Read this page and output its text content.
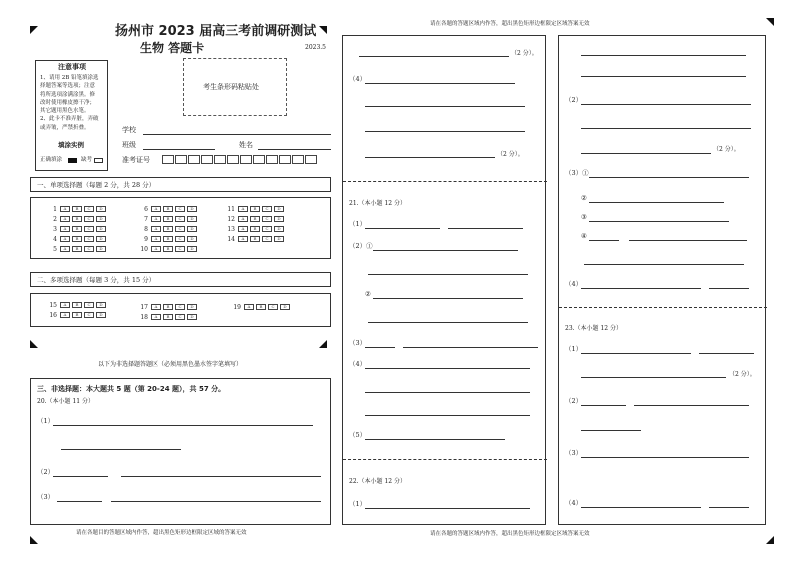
扬州市 2023 届高三考前调研测试
生物 答题卡	2023.5
注意事项
1、请用 2B 铅笔填涂选
择题答案等选项；注意
将所选项涂满涂黑。修
改时使用橡皮擦干净；
其它题用黑色水笔。
2、此卡不准弄脏，弄破
或弄皱，严禁折叠。
填涂实例
正确填涂	缺考
考生条形码粘贴处
学校
班级	姓名
准考证号
一、单项选择题（每题 2 分，共 28 分）
1 A B C D
2 A B C D
3 A B C D
4 A B C D
5 A B C D
6 A B C D
7 A B C D
8 A B C D
9 A B C D
10 A B C D
11 A B C D
12 A B C D
13 A B C D
14 A B C D
二、多项选择题（每题 3 分，共 15 分）
15 A B C D
16 A B C D
17 A B C D
18 A B C D
19 A B C D
以下为非选择题答题区（必须用黑色墨水签字笔填写）
三、非选择题：本大题共 5 题（第 20-24 题），共 57 分。
20.（本小题 11 分）
（1）
（2）
（3）
请在各题目的答题区域内作答，超出黑色矩形边框限定区域的答案无效
请在各题的答题区域内作答，超出黑色矩形边框限定区域答案无效
（2 分）。
（4）
（2 分）。
21.（本小题 12 分）
（1）
（2）①
②
（3）
（4）
（5）
22.（本小题 12 分）
（1）
请在各题的答题区域内作答，超出黑色矩形边框限定区域答案无效
（2）
（2 分）。
（3）①
②
③
④
（4）
23.（本小题 12 分）
（1）
（2 分）。
（2）
（3）
（4）
